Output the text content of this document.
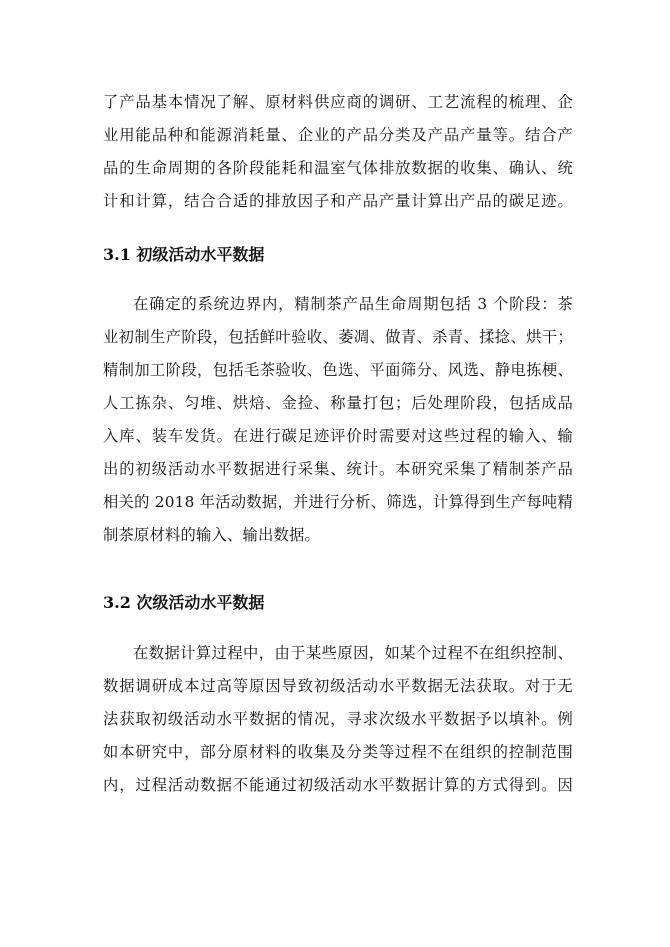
了产品基本情况了解、原材料供应商的调研、工艺流程的梳理、企
业用能品种和能源消耗量、企业的产品分类及产品产量等。结合产
品的生命周期的各阶段能耗和温室气体排放数据的收集、确认、统
计和计算，结合合适的排放因子和产品产量计算出产品的碳足迹。
3.1 初级活动水平数据
在确定的系统边界内，精制茶产品生命周期包括 3 个阶段：茶
业初制生产阶段，包括鲜叶验收、萎凋、做青、杀青、揉捻、烘干；
精制加工阶段，包括毛茶验收、色选、平面筛分、风选、静电拣梗、
人工拣杂、匀堆、烘焙、金捡、称量打包；后处理阶段，包括成品
入库、装车发货。在进行碳足迹评价时需要对这些过程的输入、输
出的初级活动水平数据进行采集、统计。本研究采集了精制茶产品
相关的 2018 年活动数据，并进行分析、筛选，计算得到生产每吨精
制茶原材料的输入、输出数据。
3.2 次级活动水平数据
在数据计算过程中，由于某些原因，如某个过程不在组织控制、
数据调研成本过高等原因导致初级活动水平数据无法获取。对于无
法获取初级活动水平数据的情况，寻求次级水平数据予以填补。例
如本研究中，部分原材料的收集及分类等过程不在组织的控制范围
内，过程活动数据不能通过初级活动水平数据计算的方式得到。因
